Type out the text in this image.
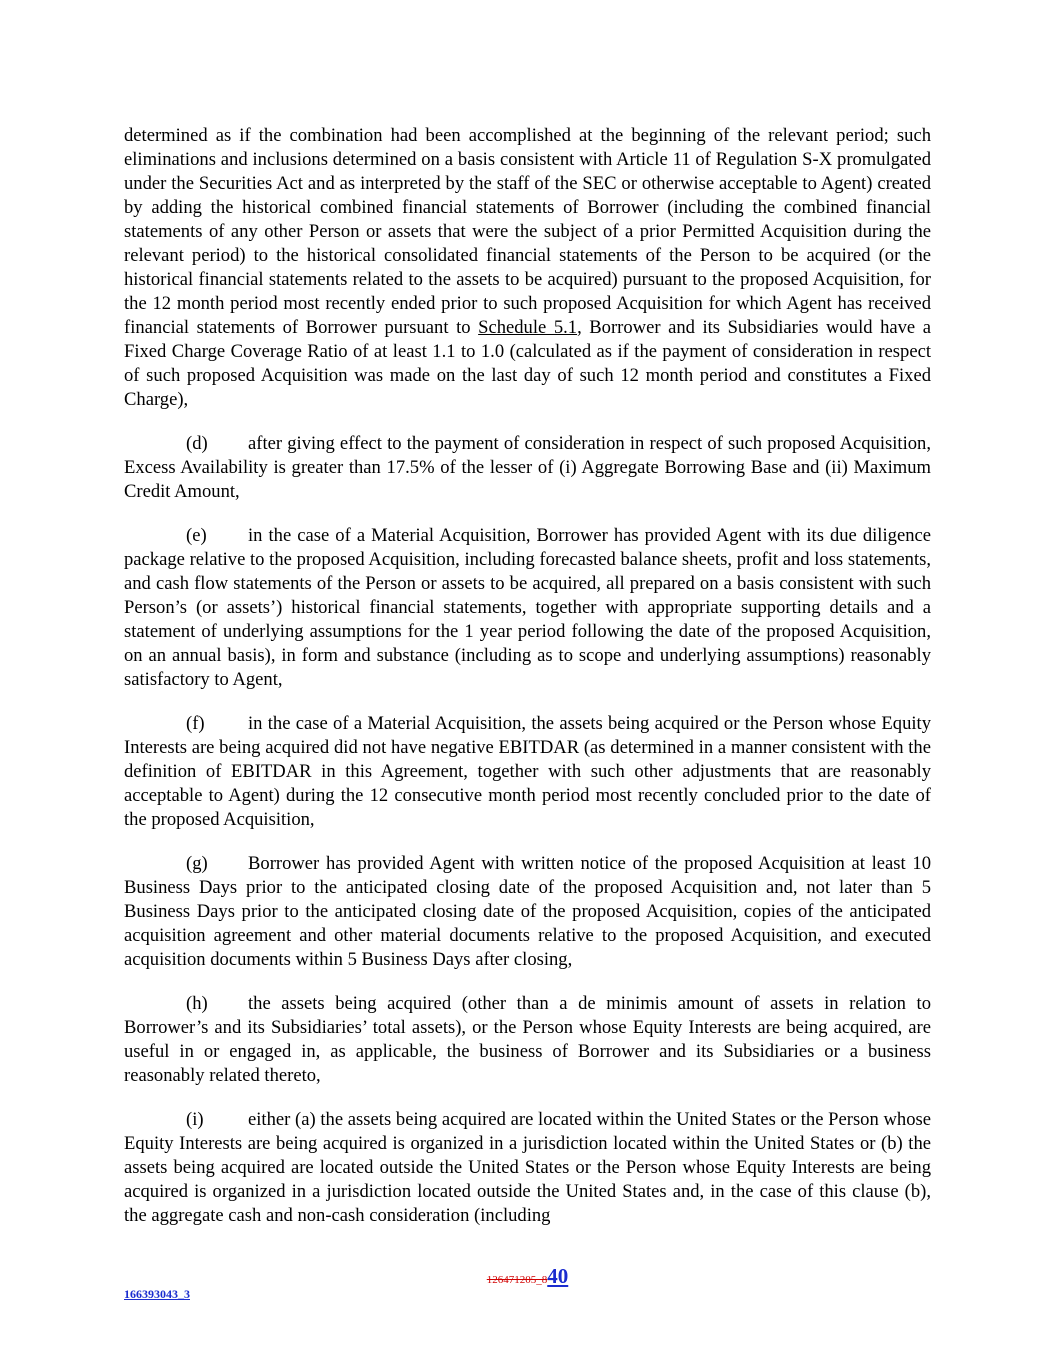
determined as if the combination had been accomplished at the beginning of the relevant period; such eliminations and inclusions determined on a basis consistent with Article 11 of Regulation S-X promulgated under the Securities Act and as interpreted by the staff of the SEC or otherwise acceptable to Agent) created by adding the historical combined financial statements of Borrower (including the combined financial statements of any other Person or assets that were the subject of a prior Permitted Acquisition during the relevant period) to the historical consolidated financial statements of the Person to be acquired (or the historical financial statements related to the assets to be acquired) pursuant to the proposed Acquisition, for the 12 month period most recently ended prior to such proposed Acquisition for which Agent has received financial statements of Borrower pursuant to Schedule 5.1, Borrower and its Subsidiaries would have a Fixed Charge Coverage Ratio of at least 1.1 to 1.0 (calculated as if the payment of consideration in respect of such proposed Acquisition was made on the last day of such 12 month period and constitutes a Fixed Charge),

(d) after giving effect to the payment of consideration in respect of such proposed Acquisition, Excess Availability is greater than 17.5% of the lesser of (i) Aggregate Borrowing Base and (ii) Maximum Credit Amount,

(e) in the case of a Material Acquisition, Borrower has provided Agent with its due diligence package relative to the proposed Acquisition, including forecasted balance sheets, profit and loss statements, and cash flow statements of the Person or assets to be acquired, all prepared on a basis consistent with such Person’s (or assets’) historical financial statements, together with appropriate supporting details and a statement of underlying assumptions for the 1 year period following the date of the proposed Acquisition, on an annual basis), in form and substance (including as to scope and underlying assumptions) reasonably satisfactory to Agent,

(f) in the case of a Material Acquisition, the assets being acquired or the Person whose Equity Interests are being acquired did not have negative EBITDAR (as determined in a manner consistent with the definition of EBITDAR in this Agreement, together with such other adjustments that are reasonably acceptable to Agent) during the 12 consecutive month period most recently concluded prior to the date of the proposed Acquisition,

(g) Borrower has provided Agent with written notice of the proposed Acquisition at least 10 Business Days prior to the anticipated closing date of the proposed Acquisition and, not later than 5 Business Days prior to the anticipated closing date of the proposed Acquisition, copies of the anticipated acquisition agreement and other material documents relative to the proposed Acquisition, and executed acquisition documents within 5 Business Days after closing,

(h) the assets being acquired (other than a de minimis amount of assets in relation to Borrower’s and its Subsidiaries’ total assets), or the Person whose Equity Interests are being acquired, are useful in or engaged in, as applicable, the business of Borrower and its Subsidiaries or a business reasonably related thereto,

(i) either (a) the assets being acquired are located within the United States or the Person whose Equity Interests are being acquired is organized in a jurisdiction located within the United States or (b) the assets being acquired are located outside the United States or the Person whose Equity Interests are being acquired is organized in a jurisdiction located outside the United States and, in the case of this clause (b), the aggregate cash and non-cash consideration (including

126471205_840
166393043_3
